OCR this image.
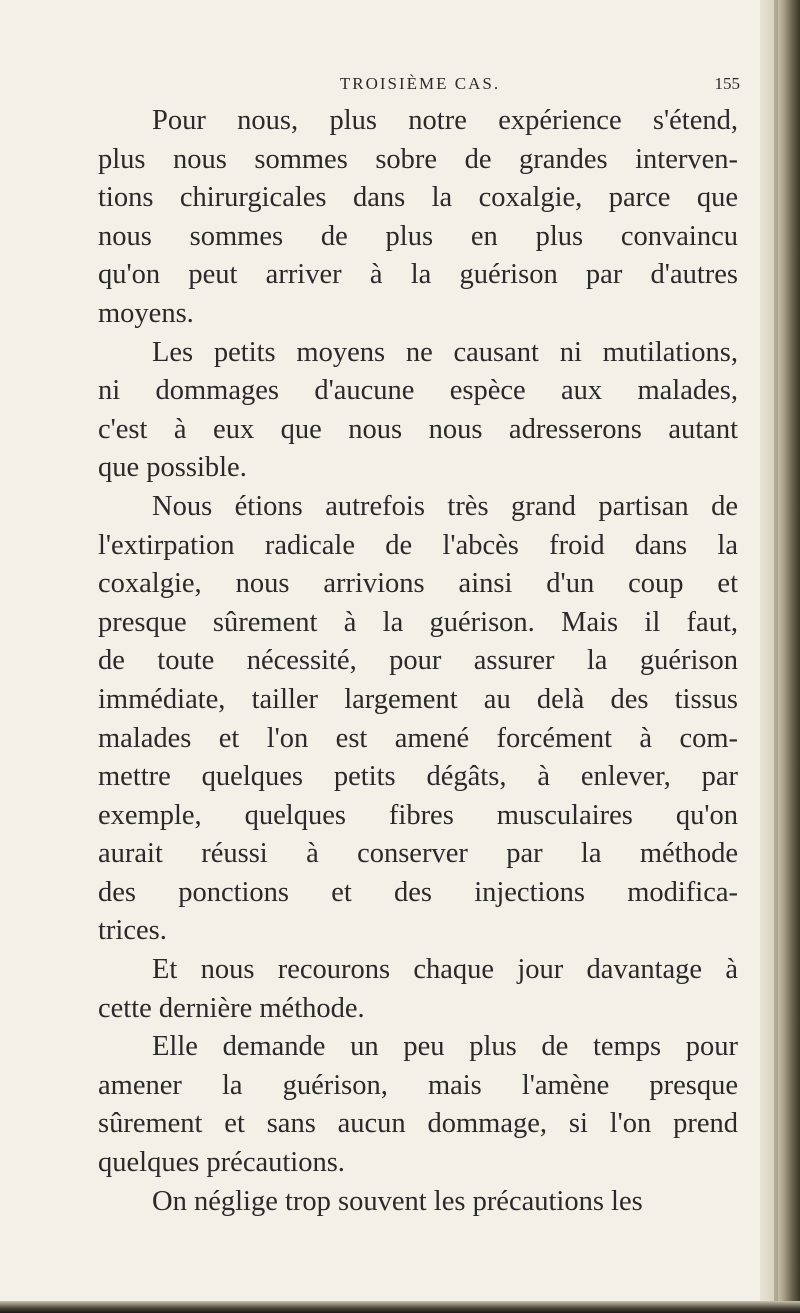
TROISIÈME CAS.	155
Pour nous, plus notre expérience s'étend,
plus nous sommes sobre de grandes interven-
tions chirurgicales dans la coxalgie, parce que
nous sommes de plus en plus convaincu
qu'on peut arriver à la guérison par d'autres
moyens.
Les petits moyens ne causant ni mutilations,
ni dommages d'aucune espèce aux malades,
c'est à eux que nous nous adresserons autant
que possible.
Nous étions autrefois très grand partisan de
l'extirpation radicale de l'abcès froid dans la
coxalgie, nous arrivions ainsi d'un coup et
presque sûrement à la guérison. Mais il faut,
de toute nécessité, pour assurer la guérison
immédiate, tailler largement au delà des tissus
malades et l'on est amené forcément à com-
mettre quelques petits dégâts, à enlever, par
exemple, quelques fibres musculaires qu'on
aurait réussi à conserver par la méthode
des ponctions et des injections modifica-
trices.
Et nous recourons chaque jour davantage à
cette dernière méthode.
Elle demande un peu plus de temps pour
amener la guérison, mais l'amène presque
sûrement et sans aucun dommage, si l'on prend
quelques précautions.
On néglige trop souvent les précautions les
